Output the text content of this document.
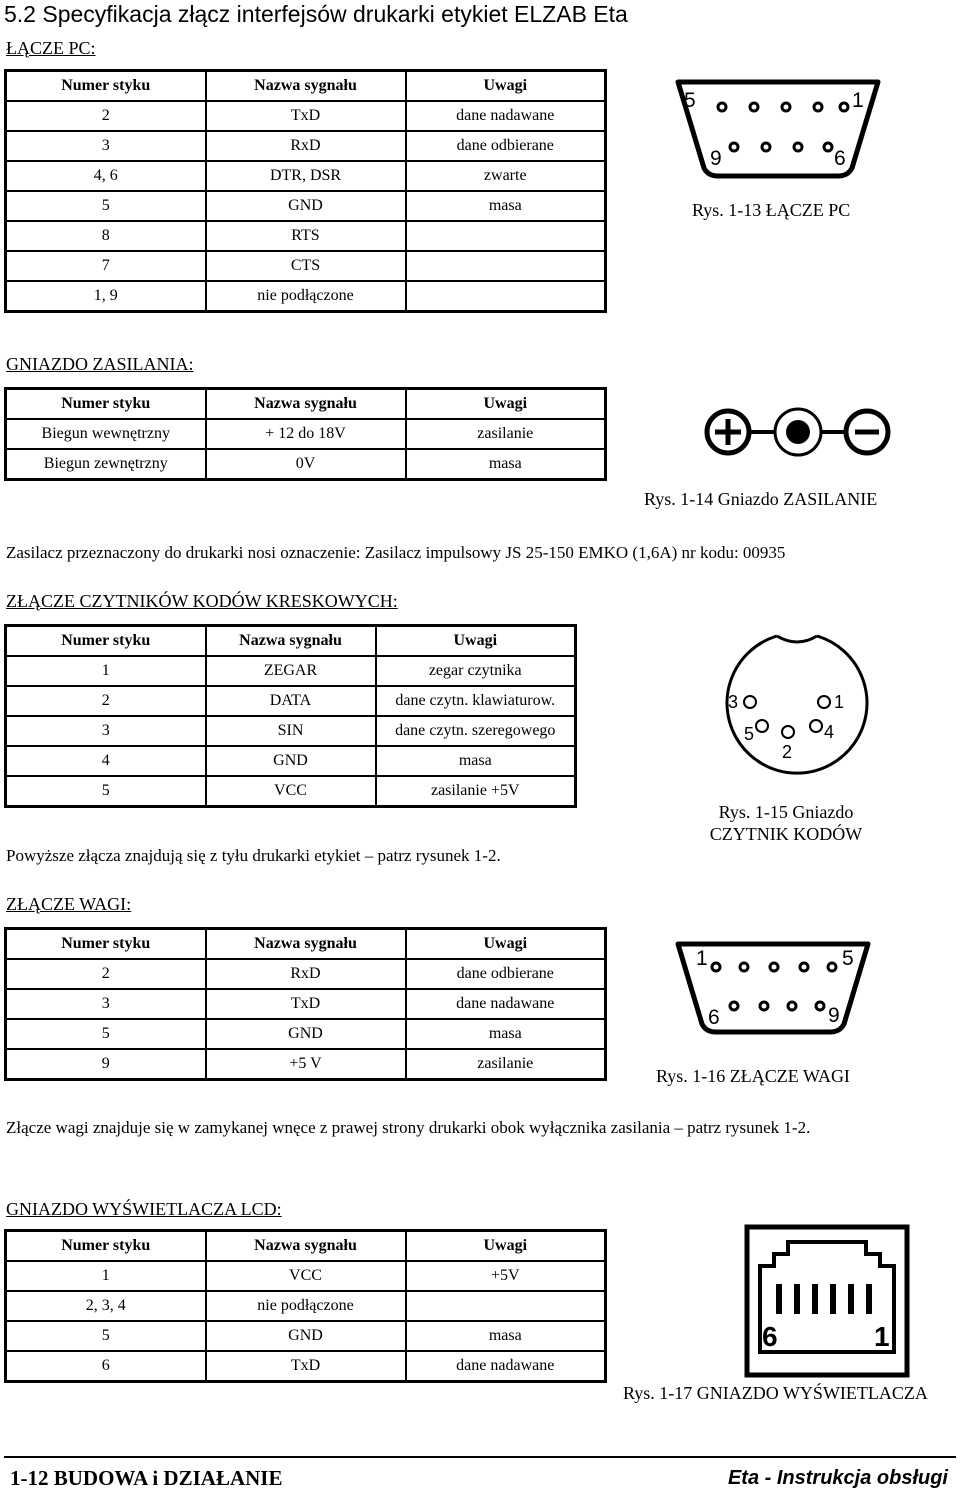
5.2 Specyfikacja złącz interfejsów drukarki etykiet ELZAB Eta
ŁĄCZE PC:
Numer styku	Nazwa sygnału	Uwagi
2	TxD	dane nadawane
3	RxD	dane odbierane
4, 6	DTR, DSR	zwarte
5	GND	masa
8	RTS	
7	CTS	
1, 9	nie podłączone	
5	1
9	6
Rys. 1-13 ŁĄCZE PC
GNIAZDO ZASILANIA:
Numer styku	Nazwa sygnału	Uwagi
Biegun wewnętrzny	+ 12 do 18V	zasilanie
Biegun zewnętrzny	0V	masa
Rys. 1-14 Gniazdo ZASILANIE
Zasilacz przeznaczony do drukarki nosi oznaczenie: Zasilacz impulsowy JS 25-150 EMKO (1,6A) nr kodu: 00935
ZŁĄCZE CZYTNIKÓW KODÓW KRESKOWYCH:
Numer styku	Nazwa sygnału	Uwagi
1	ZEGAR	zegar czytnika
2	DATA	dane czytn. klawiaturow.
3	SIN	dane czytn. szeregowego
4	GND	masa
5	VCC	zasilanie +5V
3	1
5	4
2
Rys. 1-15 Gniazdo
CZYTNIK KODÓW
Powyższe złącza znajdują się z tyłu drukarki etykiet – patrz rysunek 1-2.
ZŁĄCZE WAGI:
Numer styku	Nazwa sygnału	Uwagi
2	RxD	dane odbierane
3	TxD	dane nadawane
5	GND	masa
9	+5 V	zasilanie
1	5
6	9
Rys. 1-16 ZŁĄCZE WAGI
Złącze wagi znajduje się w zamykanej wnęce z prawej strony drukarki obok wyłącznika zasilania – patrz rysunek 1-2.
GNIAZDO WYŚWIETLACZA LCD:
Numer styku	Nazwa sygnału	Uwagi
1	VCC	+5V
2, 3, 4	nie podłączone	
5	GND	masa
6	TxD	dane nadawane
6	1
Rys. 1-17 GNIAZDO WYŚWIETLACZA
1-12 BUDOWA i DZIAŁANIE	Eta - Instrukcja obsługi
